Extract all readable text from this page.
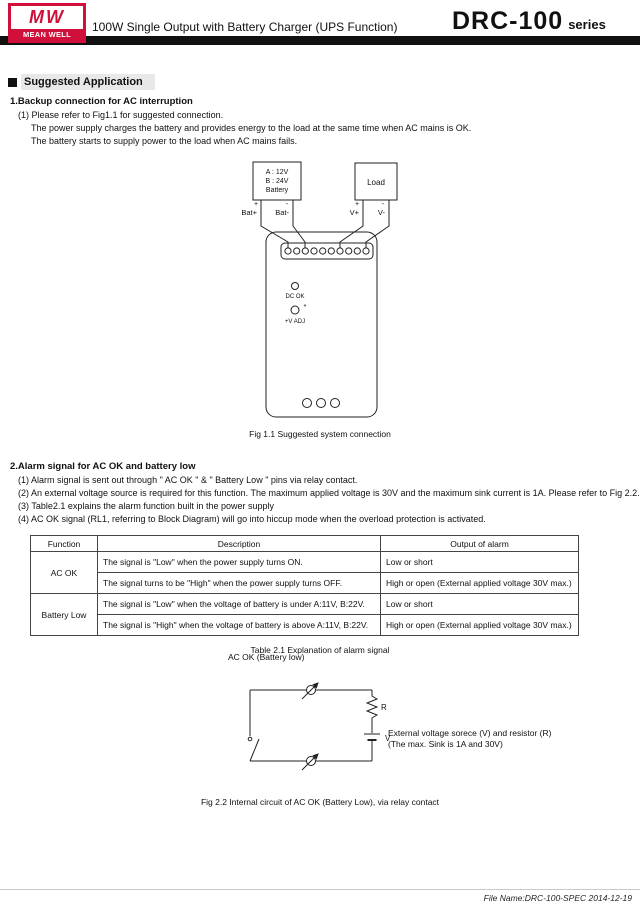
MW
MEAN WELL
100W Single Output with Battery Charger (UPS Function) DRC-100 series
Suggested Application
1.Backup connection for AC interruption
(1) Please refer to Fig1.1 for suggested connection.
The power supply charges the battery and provides energy to the load at the same time when AC mains is OK.
The battery starts to supply power to the load when AC mains fails.
A : 12V
B : 24V
Battery
Load
+	-	+	-
Bat+ Bat-	V+	V-
DC OK
*
+V ADJ
Fig 1.1 Suggested system connection
2.Alarm signal for AC OK and battery low
(1) Alarm signal is sent out through " AC OK " & " Battery Low " pins via relay contact.
(2) An external voltage source is required for this function. The maximum applied voltage is 30V and the maximum sink current is 1A. Please refer to Fig 2.2.
(3) Table2.1 explains the alarm function built in the power supply
(4) AC OK signal (RL1, referring to Block Diagram) will go into hiccup mode when the overload protection is activated.
Function	Description	Output of alarm
AC OK	The signal is "Low" when the power supply turns ON.	Low or short
	The signal turns to be "High" when the power supply turns OFF.	High or open (External applied voltage 30V max.)
Battery Low	The signal is "Low" when the voltage of battery is under A:11V, B:22V.	Low or short
	The signal is "High" when the voltage of battery is above A:11V, B:22V.	High or open (External applied voltage 30V max.)
Table 2.1 Explanation of alarm signal
AC OK (Battery low)
R
V
External voltage sorece (V) and resistor (R)
(The max. Sink is 1A and 30V)
Fig 2.2 Internal circuit of AC OK (Battery Low), via relay contact
File Name:DRC-100-SPEC 2014-12-19
